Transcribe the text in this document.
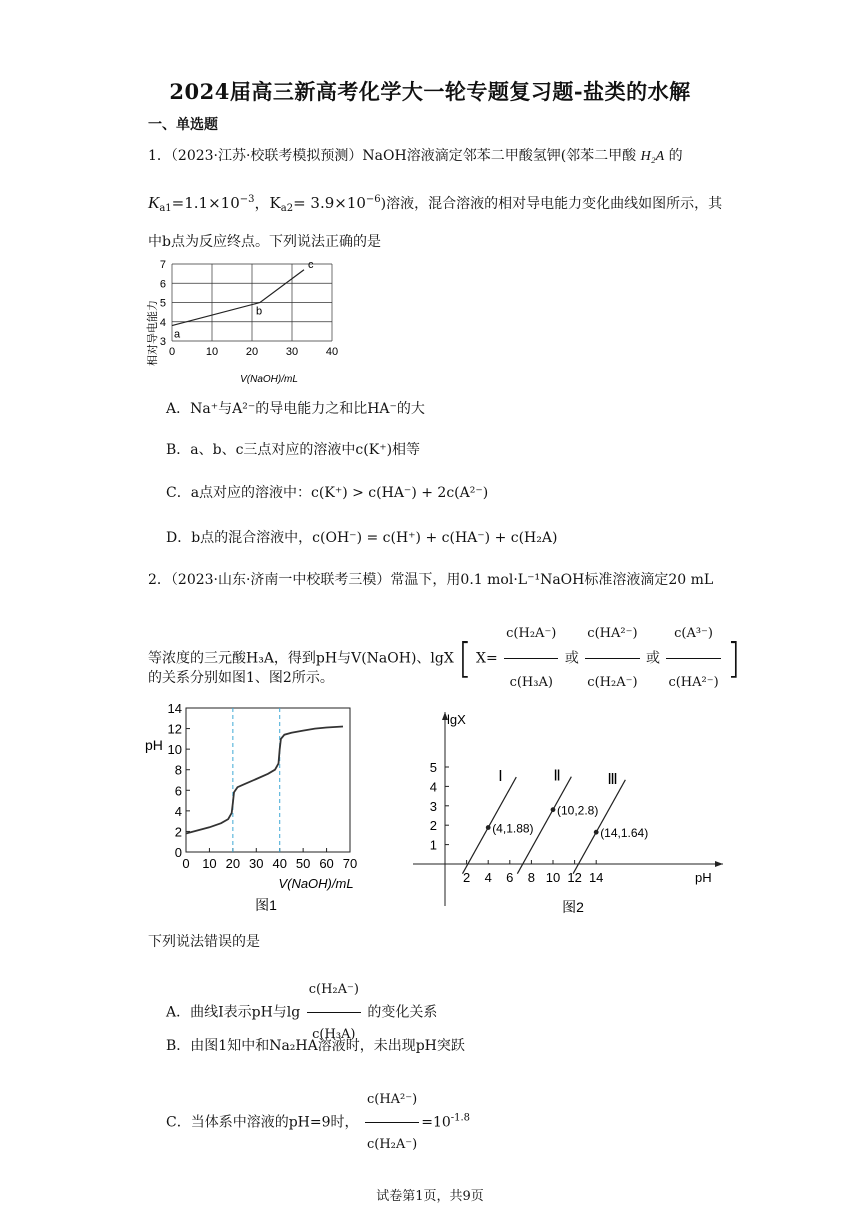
2024届高三新高考化学大一轮专题复习题-盐类的水解
一、单选题
1．（2023·江苏·校联考模拟预测）NaOH溶液滴定邻苯二甲酸氢钾(邻苯二甲酸 H₂A 的
$K_{a1}=1.1\times 10^{-3}$，$K_{a2}= 3.9\times 10^{-6}$)溶液，混合溶液的相对导电能力变化曲线如图所示，其
中b点为反应终点。下列说法正确的是
0	10	20	30	40
3
4
5
6
7
a
b
c
相对导电能力
V(NaOH)/mL
A．Na⁺与A²⁻的导电能力之和比HA⁻的大
B．a、b、c三点对应的溶液中c(K⁺)相等
C．a点对应的溶液中：c(K⁺) > c(HA⁻) + 2c(A²⁻)
D．b点的混合溶液中，c(OH⁻) = c(H⁺) + c(HA⁻) + c(H₂A)
2．（2023·山东·济南一中校联考三模）常温下，用0.1 mol·L⁻¹NaOH标准溶液滴定20 mL
等浓度的三元酸H₃A，得到pH与V(NaOH)、lgX [ $X= \frac{\text{c(H₂A⁻)}}{\text{c(H₃A)}}$ 或 $\frac{\text{c(HA²⁻)}}{\text{c(H₂A⁻)}}$ 或 $\frac{\text{c(A³⁻)}}{\text{c(HA²⁻)}}$ ]
的关系分别如图1、图2所示。
0 10 20 30 40 50 60 70
0
2
4
6
8
10
12
14
pH
V(NaOH)/mL
图1
2 4 6 8 10 12 14
1
2
3
4
5
(4,1.88)
Ⅰ
(10,2.8)
Ⅱ
(14,1.64)
Ⅲ
lgX
pH
图2
下列说法错误的是
A．曲线Ⅰ表示pH与$\lg \frac{\text{c(H₂A⁻)}}{\text{c(H₃A)}}$ 的变化关系
B．由图1知中和Na₂HA溶液时，未出现pH突跃
C．当体系中溶液的pH=9时， $\frac{\text{c(HA²⁻)}}{\text{c(H₂A⁻)}} =10^{-1.8}$
试卷第1页，共9页
